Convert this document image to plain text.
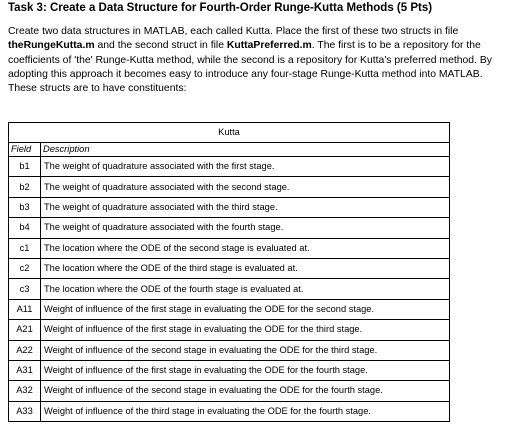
Task 3: Create a Data Structure for Fourth-Order Runge-Kutta Methods (5 Pts)
Create two data structures in MATLAB, each called Kutta. Place the first of these two structs in file theRungeKutta.m and the second struct in file KuttaPreferred.m. The first is to be a repository for the coefficients of 'the' Runge-Kutta method, while the second is a repository for Kutta's preferred method. By adopting this approach it becomes easy to introduce any four-stage Runge-Kutta method into MATLAB. These structs are to have constituents:
Kutta	
Field	Description
b1	The weight of quadrature associated with the first stage.
b2	The weight of quadrature associated with the second stage.
b3	The weight of quadrature associated with the third stage.
b4	The weight of quadrature associated with the fourth stage.
c1	The location where the ODE of the second stage is evaluated at.
c2	The location where the ODE of the third stage is evaluated at.
c3	The location where the ODE of the fourth stage is evaluated at.
A11	Weight of influence of the first stage in evaluating the ODE for the second stage.
A21	Weight of influence of the first stage in evaluating the ODE for the third stage.
A22	Weight of influence of the second stage in evaluating the ODE for the third stage.
A31	Weight of influence of the first stage in evaluating the ODE for the fourth stage.
A32	Weight of influence of the second stage in evaluating the ODE for the fourth stage.
A33	Weight of influence of the third stage in evaluating the ODE for the fourth stage.
